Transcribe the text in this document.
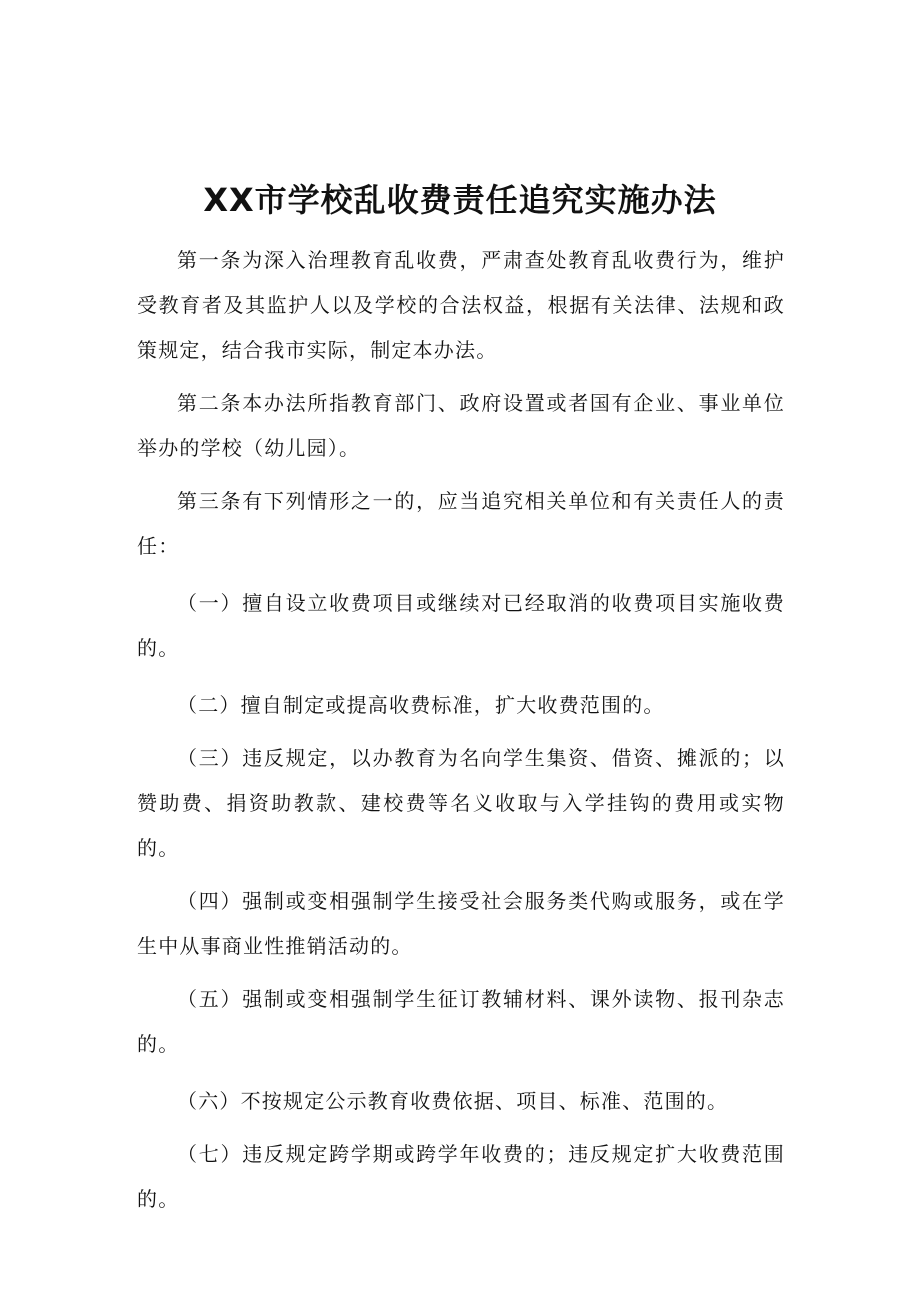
XX市学校乱收费责任追究实施办法

第一条为深入治理教育乱收费，严肃查处教育乱收费行为，维护受教育者及其监护人以及学校的合法权益，根据有关法律、法规和政策规定，结合我市实际，制定本办法。

第二条本办法所指教育部门、政府设置或者国有企业、事业单位举办的学校（幼儿园）。

第三条有下列情形之一的，应当追究相关单位和有关责任人的责任：

（一）擅自设立收费项目或继续对已经取消的收费项目实施收费的。

（二）擅自制定或提高收费标准，扩大收费范围的。

（三）违反规定，以办教育为名向学生集资、借资、摊派的；以赞助费、捐资助教款、建校费等名义收取与入学挂钩的费用或实物的。

（四）强制或变相强制学生接受社会服务类代购或服务，或在学生中从事商业性推销活动的。

（五）强制或变相强制学生征订教辅材料、课外读物、报刊杂志的。

（六）不按规定公示教育收费依据、项目、标准、范围的。

（七）违反规定跨学期或跨学年收费的；违反规定扩大收费范围的。
